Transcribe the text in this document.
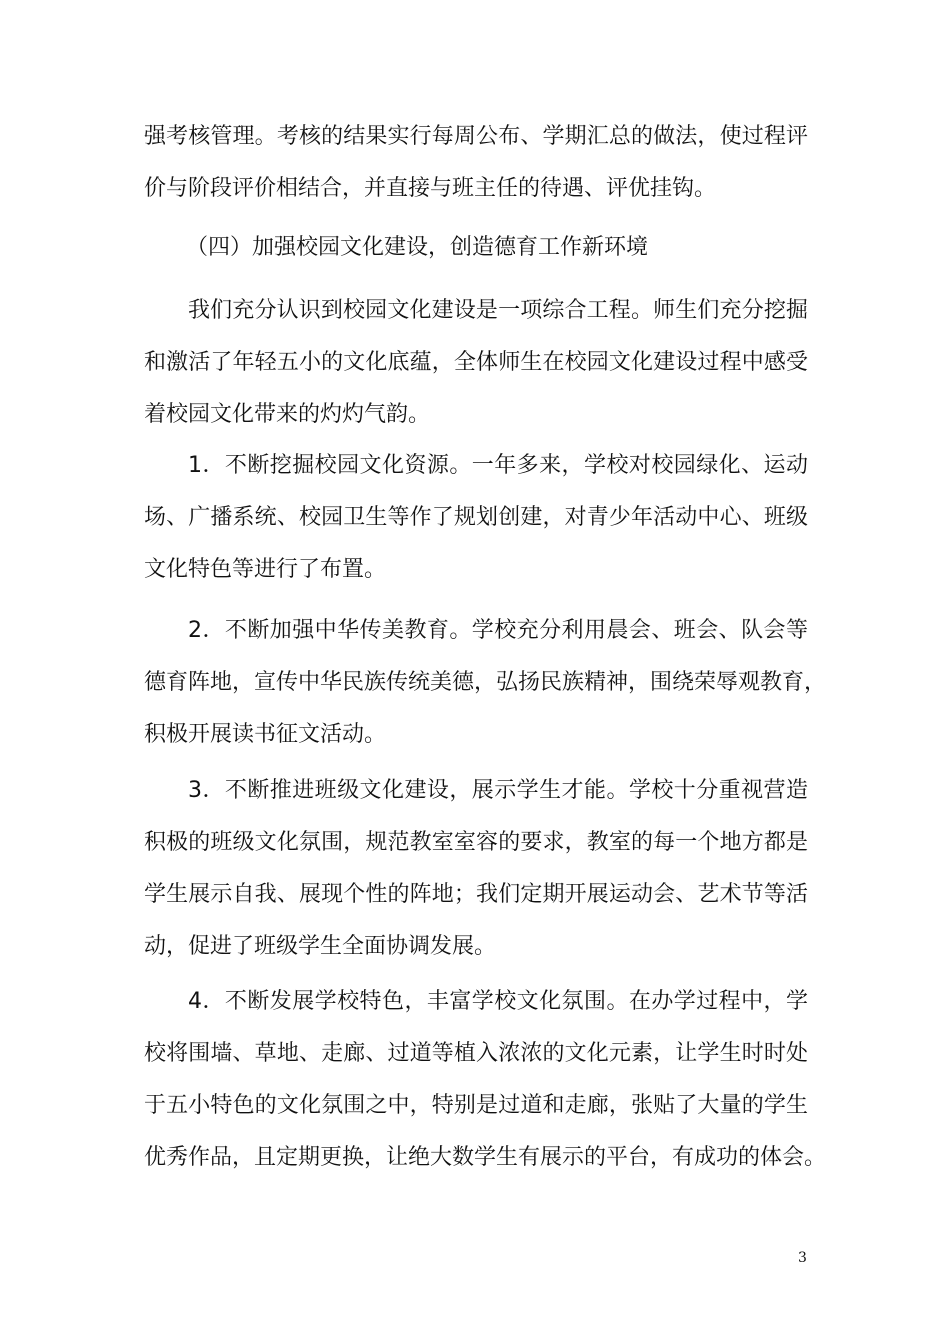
强考核管理。考核的结果实行每周公布、学期汇总的做法，使过程评
价与阶段评价相结合，并直接与班主任的待遇、评优挂钩。
（四）加强校园文化建设，创造德育工作新环境
我们充分认识到校园文化建设是一项综合工程。师生们充分挖掘
和激活了年轻五小的文化底蕴，全体师生在校园文化建设过程中感受
着校园文化带来的灼灼气韵。
1．不断挖掘校园文化资源。一年多来，学校对校园绿化、运动
场、广播系统、校园卫生等作了规划创建，对青少年活动中心、班级
文化特色等进行了布置。
2．不断加强中华传美教育。学校充分利用晨会、班会、队会等
德育阵地，宣传中华民族传统美德，弘扬民族精神，围绕荣辱观教育，
积极开展读书征文活动。
3．不断推进班级文化建设，展示学生才能。学校十分重视营造
积极的班级文化氛围，规范教室室容的要求，教室的每一个地方都是
学生展示自我、展现个性的阵地；我们定期开展运动会、艺术节等活
动，促进了班级学生全面协调发展。
4．不断发展学校特色，丰富学校文化氛围。在办学过程中，学
校将围墙、草地、走廊、过道等植入浓浓的文化元素，让学生时时处
于五小特色的文化氛围之中，特别是过道和走廊，张贴了大量的学生
优秀作品，且定期更换，让绝大数学生有展示的平台，有成功的体会。
3
